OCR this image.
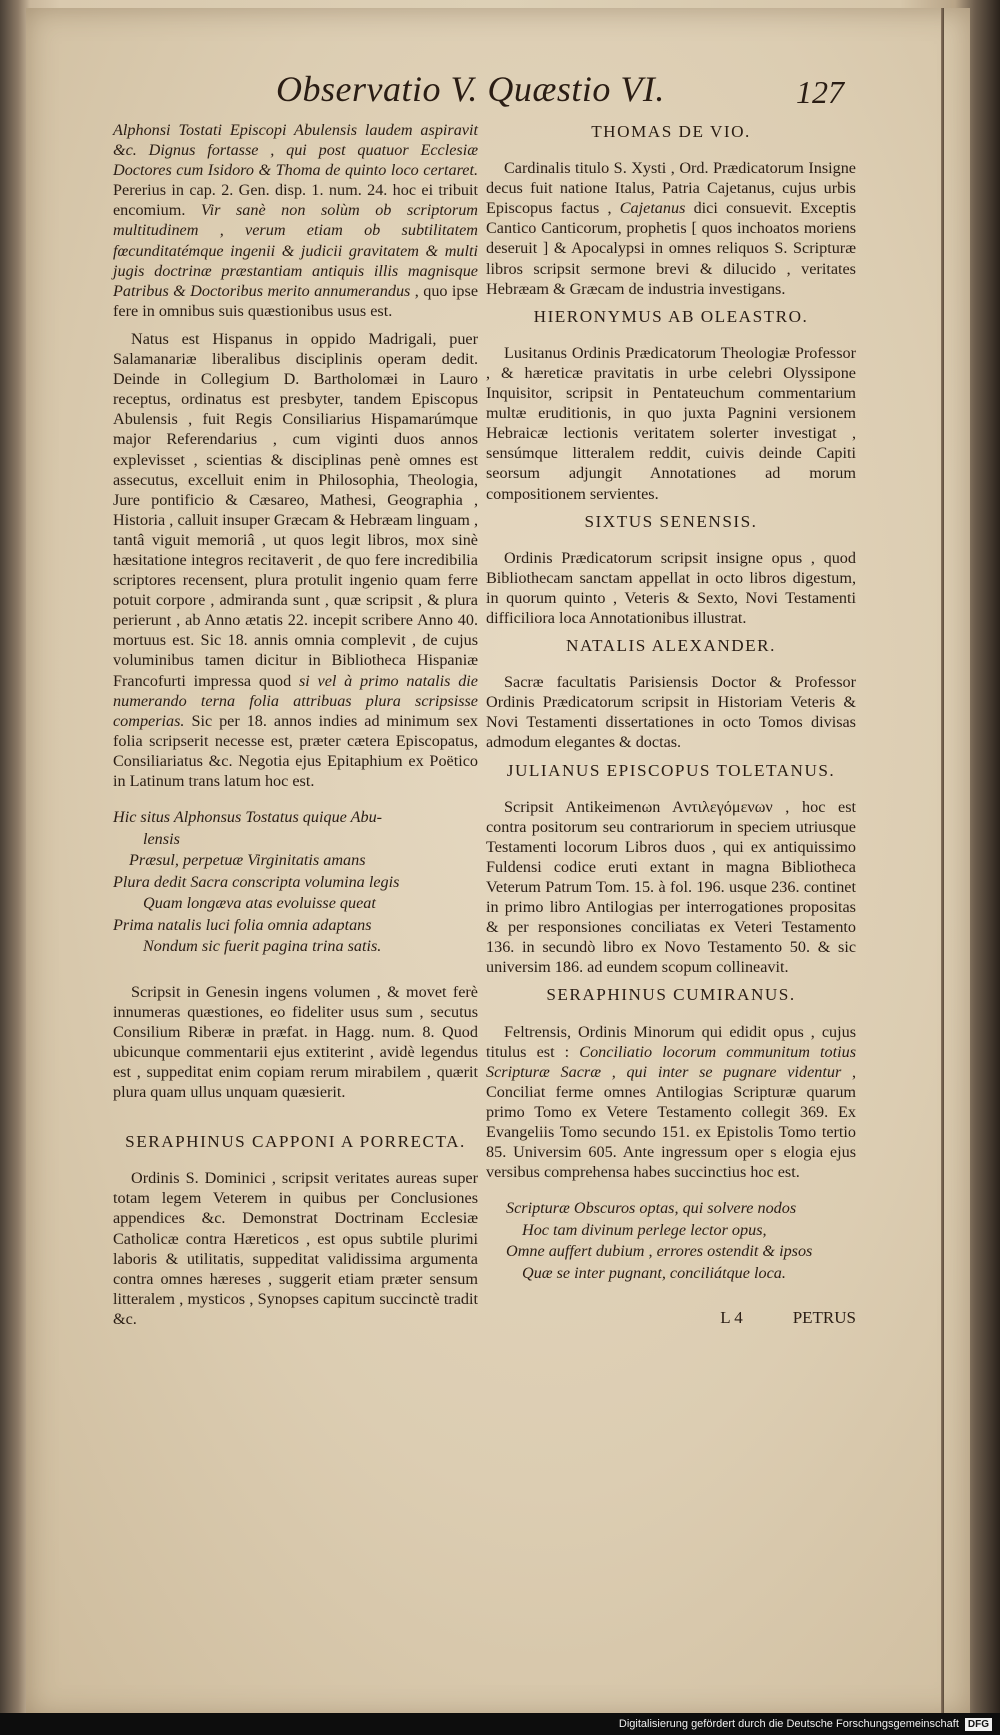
Observatio V. Quæstio VI.	127

Alphonsi Tostati Episcopi Abulensis laudem aspiravit &c. Dignus fortasse , qui post quatuor Ecclesiæ Doctores cum Isidoro & Thoma de quinto loco certaret. Pererius in cap. 2. Gen. disp. 1. num. 24. hoc ei tribuit encomium. Vir sanè non solùm ob scriptorum multitudinem , verum etiam ob subtilitatem fœcunditatémque ingenii & judicii gravitatem & multi jugis doctrinæ præstantiam antiquis illis magnisque Patribus & Doctoribus merito annumerandus , quo ipse fere in omnibus suis quæstionibus usus est.

Natus est Hispanus in oppido Madrigali, puer Salamanariæ liberalibus disciplinis operam dedit. Deinde in Collegium D. Bartholomæi in Lauro receptus, ordinatus est presbyter, tandem Episcopus Abulensis , fuit Regis Consiliarius Hispamarúmque major Referendarius , cum viginti duos annos explevisset , scientias & disciplinas penè omnes est assecutus, excelluit enim in Philosophia, Theologia, Jure pontificio & Cæsareo, Mathesi, Geographia , Historia , calluit insuper Græcam & Hebræam linguam , tantâ viguit memoriâ , ut quos legit libros, mox sinè hæsitatione integros recitaverit , de quo fere incredibilia scriptores recensent, plura protulit ingenio quam ferre potuit corpore , admiranda sunt , quæ scripsit , & plura perierunt , ab Anno ætatis 22. incepit scribere Anno 40. mortuus est. Sic 18. annis omnia complevit , de cujus voluminibus tamen dicitur in Bibliotheca Hispaniæ Francofurti impressa quod si vel à primo natalis die numerando terna folia attribuas plura scripsisse comperias. Sic per 18. annos indies ad minimum sex folia scripserit necesse est, præter cætera Episcopatus, Consiliariatus &c. Negotia ejus Epitaphium ex Poëtico in Latinum trans latum hoc est.

Hic situs Alphonsus Tostatus quique Abu-
lensis
Præsul, perpetuæ Virginitatis amans
Plura dedit Sacra conscripta volumina legis
Quam longæva atas evoluisse queat
Prima natalis luci folia omnia adaptans
Nondum sic fuerit pagina trina satis.

Scripsit in Genesin ingens volumen , & movet ferè innumeras quæstiones, eo fideliter usus sum , secutus Consilium Riberæ in præfat. in Hagg. num. 8. Quod ubicunque commentarii ejus extiterint , avidè legendus est , suppeditat enim copiam rerum mirabilem , quærit plura quam ullus unquam quæsierit.

SERAPHINUS CAPPONI A PORRECTA.

Ordinis S. Dominici , scripsit veritates aureas super totam legem Veterem in quibus per Conclusiones appendices &c. Demonstrat Doctrinam Ecclesiæ Catholicæ contra Hæreticos , est opus subtile plurimi laboris & utilitatis, suppeditat validissima argumenta contra omnes hæreses , suggerit etiam præter sensum litteralem , mysticos , Synopses capitum succinctè tradit &c.

THOMAS DE VIO.

Cardinalis titulo S. Xysti , Ord. Prædicatorum Insigne decus fuit natione Italus, Patria Cajetanus, cujus urbis Episcopus factus , Cajetanus dici consuevit. Exceptis Cantico Canticorum, prophetis [ quos inchoatos moriens deseruit ] & Apocalypsi in omnes reliquos S. Scripturæ libros scripsit sermone brevi & dilucido , veritates Hebræam & Græcam de industria investigans.

HIERONYMUS AB OLEASTRO.

Lusitanus Ordinis Prædicatorum Theologiæ Professor , & hæreticæ pravitatis in urbe celebri Olyssipone Inquisitor, scripsit in Pentateuchum commentarium multæ eruditionis, in quo juxta Pagnini versionem Hebraicæ lectionis veritatem solerter investigat , sensúmque litteralem reddit, cuivis deinde Capiti seorsum adjungit Annotationes ad morum compositionem servientes.

SIXTUS SENENSIS.

Ordinis Prædicatorum scripsit insigne opus , quod Bibliothecam sanctam appellat in octo libros digestum, in quorum quinto , Veteris & Sexto, Novi Testamenti difficiliora loca Annotationibus illustrat.

NATALIS ALEXANDER.

Sacræ facultatis Parisiensis Doctor & Professor Ordinis Prædicatorum scripsit in Historiam Veteris & Novi Testamenti dissertationes in octo Tomos divisas admodum elegantes & doctas.

JULIANUS EPISCOPUS TOLETANUS.

Scripsit Antikeimenωn Aντιλεγόμενων , hoc est contra positorum seu contrariorum in speciem utriusque Testamenti locorum Libros duos , qui ex antiquissimo Fuldensi codice eruti extant in magna Bibliotheca Veterum Patrum Tom. 15. à fol. 196. usque 236. continet in primo libro Antilogias per interrogationes propositas & per responsiones conciliatas ex Veteri Testamento 136. in secundò libro ex Novo Testamento 50. & sic universim 186. ad eundem scopum collineavit.

SERAPHINUS CUMIRANUS.

Feltrensis, Ordinis Minorum qui edidit opus , cujus titulus est : Conciliatio locorum communitum totius Scripturæ Sacræ , qui inter se pugnare videntur , Conciliat ferme omnes Antilogias Scripturæ quarum primo Tomo ex Vetere Testamento collegit 369. Ex Evangeliis Tomo secundo 151. ex Epistolis Tomo tertio 85. Universim 605. Ante ingressum oper s elogia ejus versibus comprehensa habes succinctius hoc est.

Scripturæ Obscuros optas, qui solvere nodos
Hoc tam divinum perlege lector opus,
Omne auffert dubium , errores ostendit & ipsos
Quæ se inter pugnant, conciliátque loca.
L 4	PETRUS
Digitalisierung gefördert durch die Deutsche Forschungsgemeinschaft DFG
